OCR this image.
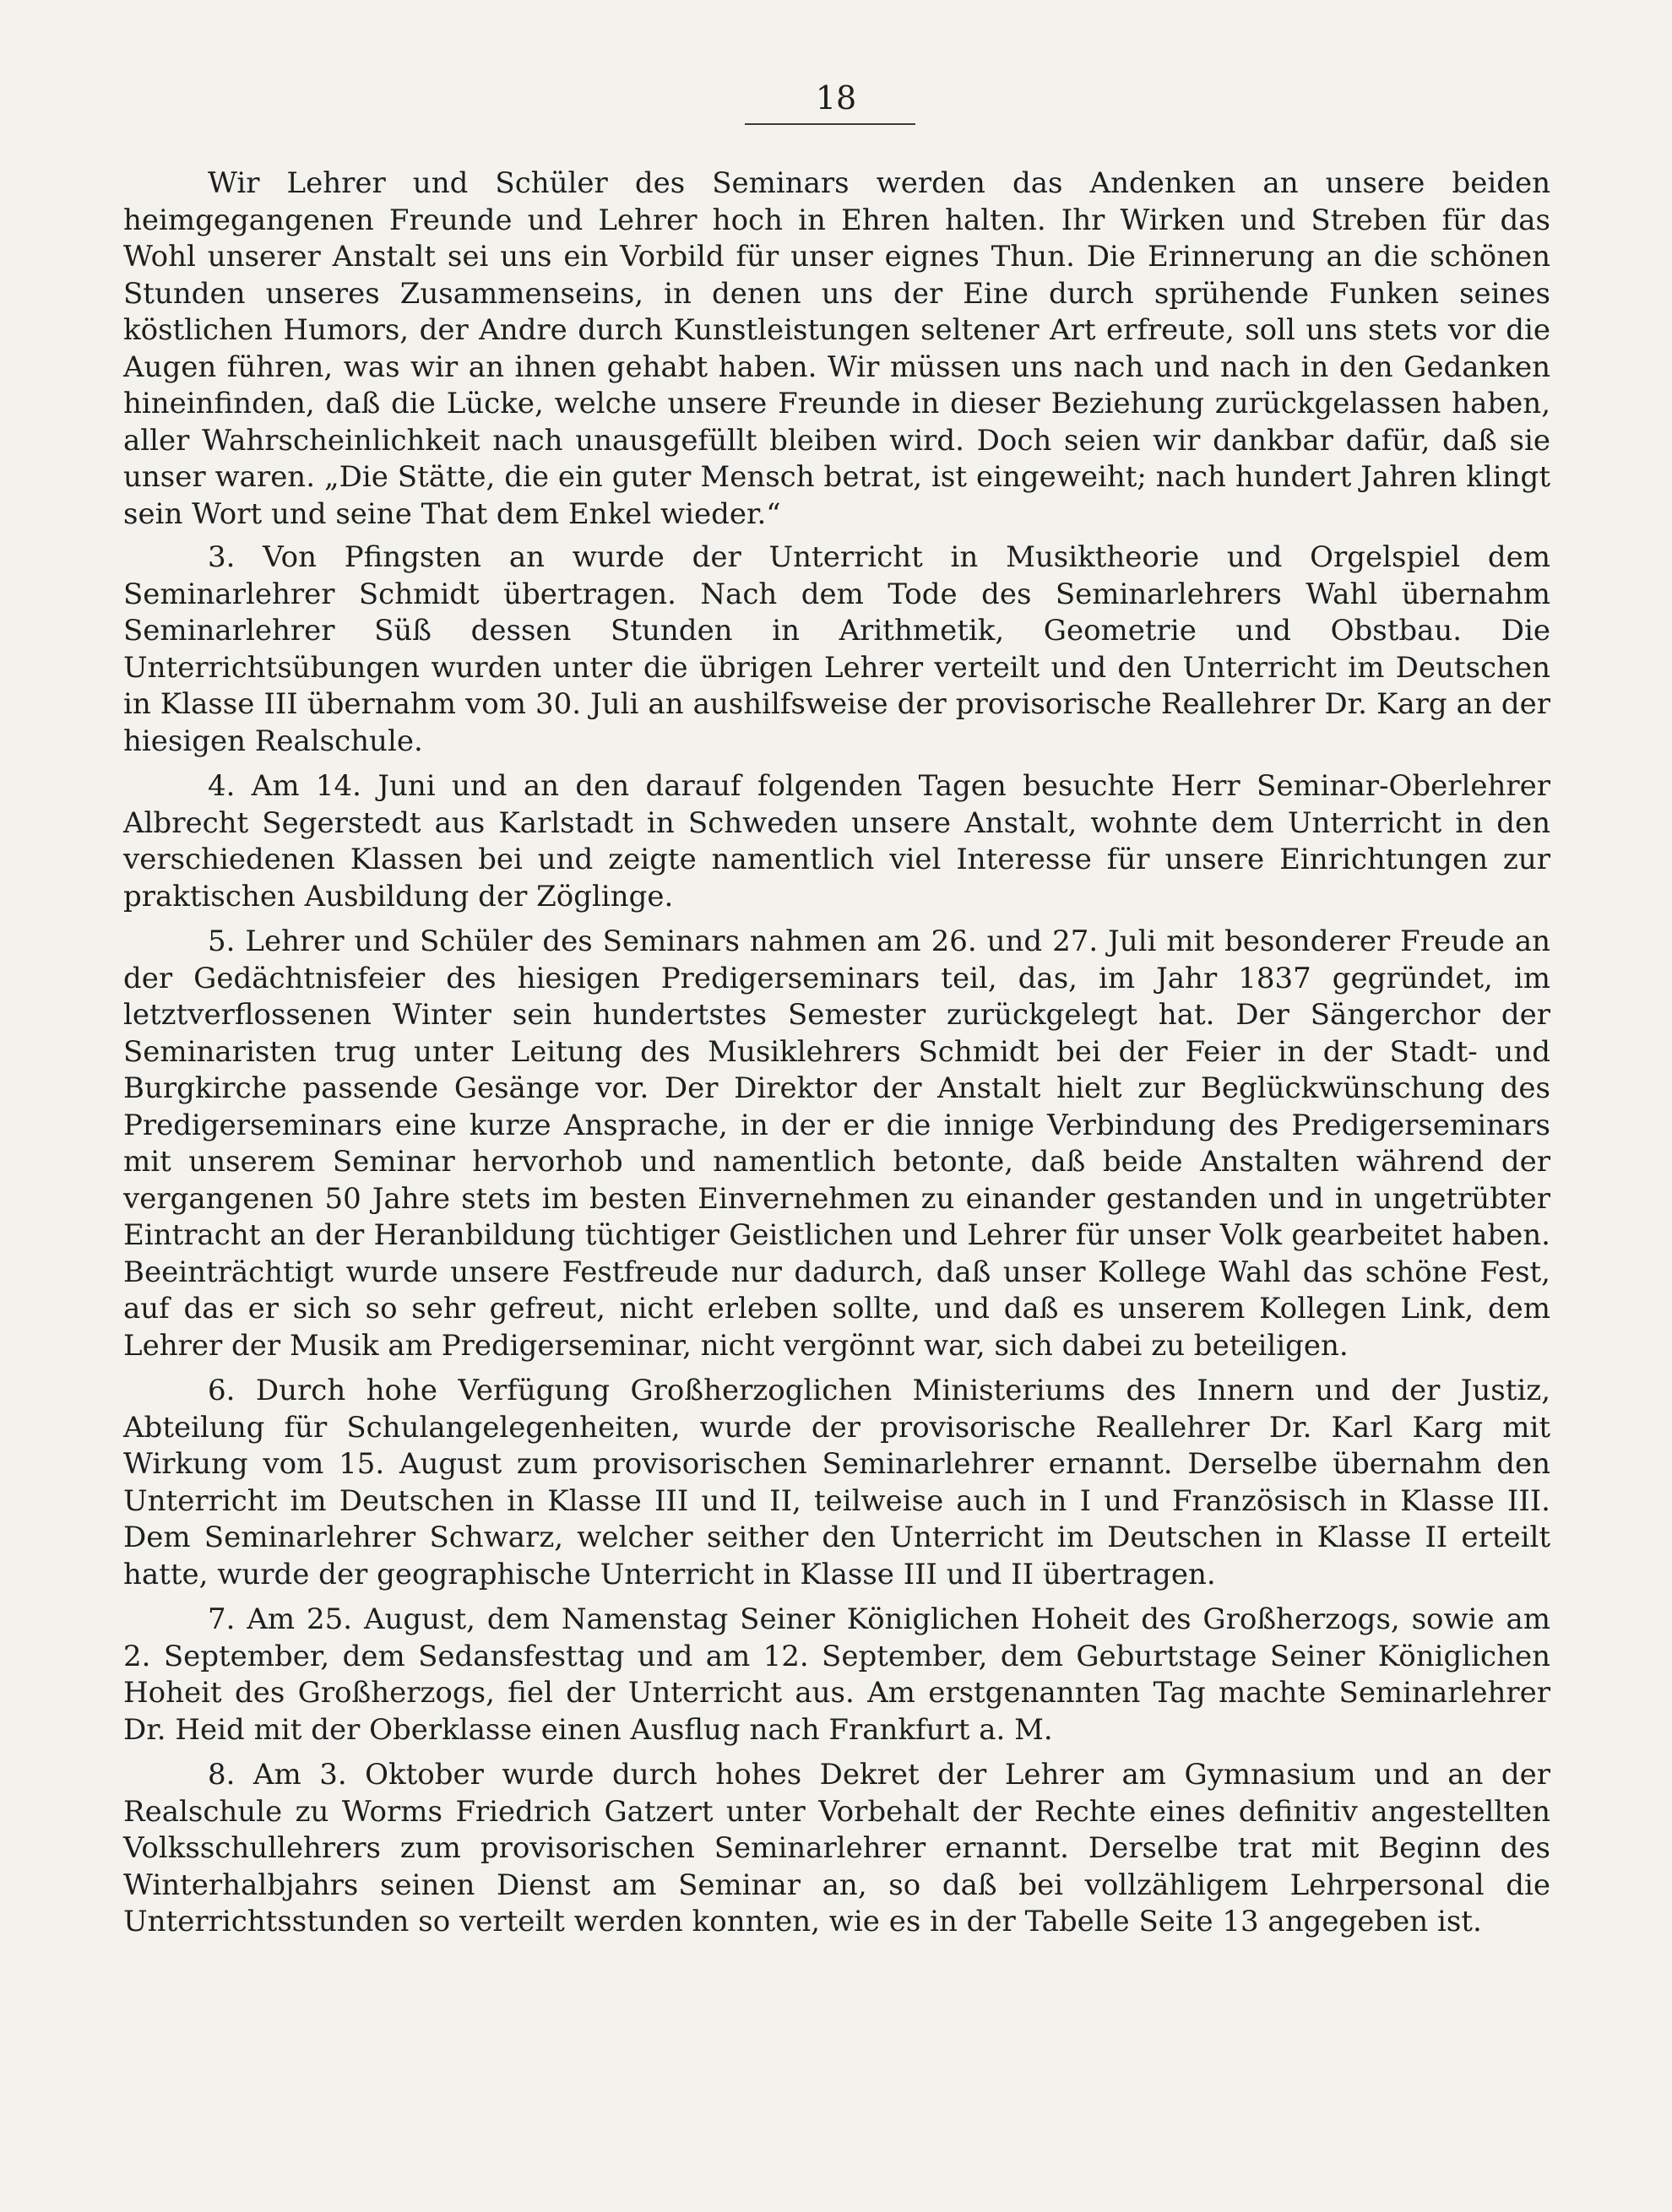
18

Wir Lehrer und Schüler des Seminars werden das Andenken an unsere beiden heimgegangenen Freunde und Lehrer hoch in Ehren halten. Ihr Wirken und Streben für das Wohl unserer Anstalt sei uns ein Vorbild für unser eignes Thun. Die Erinnerung an die schönen Stunden unseres Zusammenseins, in denen uns der Eine durch sprühende Funken seines köstlichen Humors, der Andre durch Kunstleistungen seltener Art erfreute, soll uns stets vor die Augen führen, was wir an ihnen gehabt haben. Wir müssen uns nach und nach in den Gedanken hineinfinden, daß die Lücke, welche unsere Freunde in dieser Beziehung zurückgelassen haben, aller Wahrscheinlichkeit nach unausgefüllt bleiben wird. Doch seien wir dankbar dafür, daß sie unser waren. „Die Stätte, die ein guter Mensch betrat, ist eingeweiht; nach hundert Jahren klingt sein Wort und seine That dem Enkel wieder.“

3. Von Pfingsten an wurde der Unterricht in Musiktheorie und Orgelspiel dem Seminarlehrer Schmidt übertragen. Nach dem Tode des Seminarlehrers Wahl übernahm Seminarlehrer Süß dessen Stunden in Arithmetik, Geometrie und Obstbau. Die Unterrichtsübungen wurden unter die übrigen Lehrer verteilt und den Unterricht im Deutschen in Klasse III übernahm vom 30. Juli an aushilfsweise der provisorische Reallehrer Dr. Karg an der hiesigen Realschule.

4. Am 14. Juni und an den darauf folgenden Tagen besuchte Herr Seminar-Oberlehrer Albrecht Segerstedt aus Karlstadt in Schweden unsere Anstalt, wohnte dem Unterricht in den verschiedenen Klassen bei und zeigte namentlich viel Interesse für unsere Einrichtungen zur praktischen Ausbildung der Zöglinge.

5. Lehrer und Schüler des Seminars nahmen am 26. und 27. Juli mit besonderer Freude an der Gedächtnisfeier des hiesigen Predigerseminars teil, das, im Jahr 1837 gegründet, im letztverflossenen Winter sein hundertstes Semester zurückgelegt hat. Der Sängerchor der Seminaristen trug unter Leitung des Musiklehrers Schmidt bei der Feier in der Stadt- und Burgkirche passende Gesänge vor. Der Direktor der Anstalt hielt zur Beglückwünschung des Predigerseminars eine kurze Ansprache, in der er die innige Verbindung des Predigerseminars mit unserem Seminar hervorhob und namentlich betonte, daß beide Anstalten während der vergangenen 50 Jahre stets im besten Einvernehmen zu einander gestanden und in ungetrübter Eintracht an der Heranbildung tüchtiger Geistlichen und Lehrer für unser Volk gearbeitet haben. Beeinträchtigt wurde unsere Festfreude nur dadurch, daß unser Kollege Wahl das schöne Fest, auf das er sich so sehr gefreut, nicht erleben sollte, und daß es unserem Kollegen Link, dem Lehrer der Musik am Predigerseminar, nicht vergönnt war, sich dabei zu beteiligen.

6. Durch hohe Verfügung Großherzoglichen Ministeriums des Innern und der Justiz, Abteilung für Schulangelegenheiten, wurde der provisorische Reallehrer Dr. Karl Karg mit Wirkung vom 15. August zum provisorischen Seminarlehrer ernannt. Derselbe übernahm den Unterricht im Deutschen in Klasse III und II, teilweise auch in I und Französisch in Klasse III. Dem Seminarlehrer Schwarz, welcher seither den Unterricht im Deutschen in Klasse II erteilt hatte, wurde der geographische Unterricht in Klasse III und II übertragen.

7. Am 25. August, dem Namenstag Seiner Königlichen Hoheit des Großherzogs, sowie am 2. September, dem Sedansfesttag und am 12. September, dem Geburtstage Seiner Königlichen Hoheit des Großherzogs, fiel der Unterricht aus. Am erstgenannten Tag machte Seminarlehrer Dr. Heid mit der Oberklasse einen Ausflug nach Frankfurt a. M.

8. Am 3. Oktober wurde durch hohes Dekret der Lehrer am Gymnasium und an der Realschule zu Worms Friedrich Gatzert unter Vorbehalt der Rechte eines definitiv angestellten Volksschullehrers zum provisorischen Seminarlehrer ernannt. Derselbe trat mit Beginn des Winterhalbjahrs seinen Dienst am Seminar an, so daß bei vollzähligem Lehrpersonal die Unterrichtsstunden so verteilt werden konnten, wie es in der Tabelle Seite 13 angegeben ist.
